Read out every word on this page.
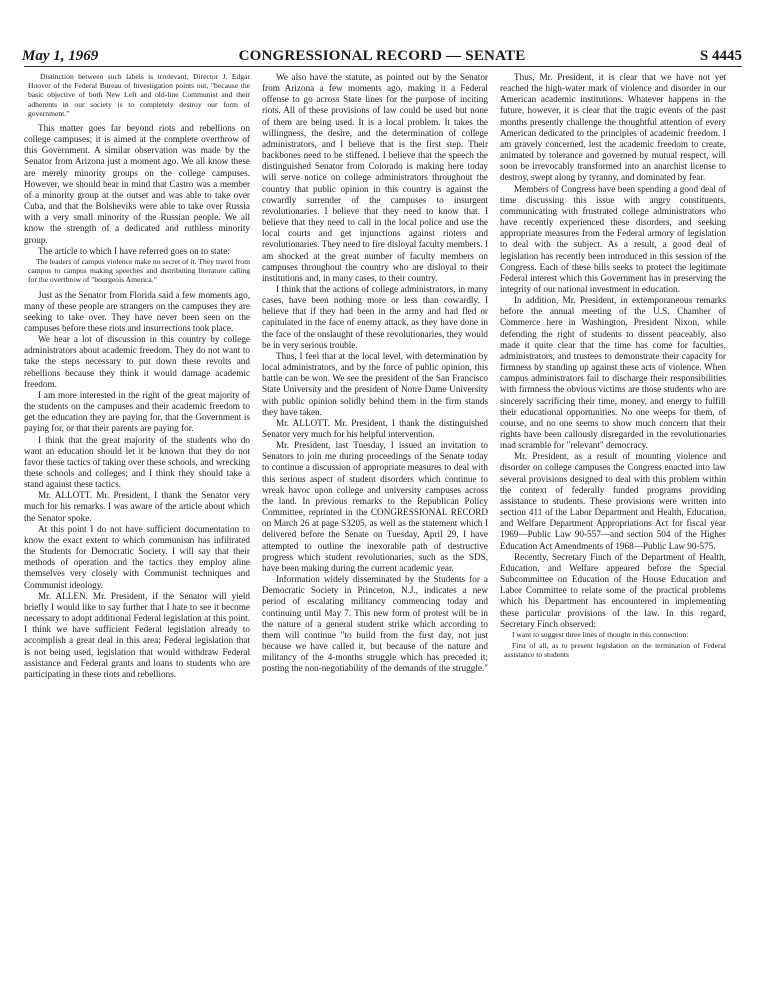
May 1, 1969	CONGRESSIONAL RECORD — SENATE	S 4445

Distinction between such labels is irrelevant, Director J. Edgar Hoover of the Federal Bureau of Investigation points out, "because the basic objective of both New Left and old-line Communist and their adherents in our society is to completely destroy our form of government."

This matter goes far beyond riots and rebellions on college campuses; it is aimed at the complete overthrow of this Government. A similar observation was made by the Senator from Arizona just a moment ago. We all know these are merely minority groups on the college campuses. However, we should bear in mind that Castro was a member of a minority group at the outset and was able to take over Cuba, and that the Bolsheviks were able to take over Russia with a very small minority of the Russian people. We all know the strength of a dedicated and ruthless minority group.

The article to which I have referred goes on to state:

The leaders of campus violence make no secret of it. They travel from campus to campus making speeches and distributing literature calling for the overthrow of "bourgeois America."

Just as the Senator from Florida said a few moments ago, many of these people are strangers on the campuses they are seeking to take over. They have never been seen on the campuses before these riots and insurrections took place.

We hear a lot of discussion in this country by college administrators about academic freedom. They do not want to take the steps necessary to put down these revolts and rebellions because they think it would damage academic freedom.

I am more interested in the right of the great majority of the students on the campuses and their academic freedom to get the education they are paying for, that the Government is paying for, or that their parents are paying for.

I think that the great majority of the students who do want an education should let it be known that they do not favor these tactics of taking over these schools, and wrecking these schools and colleges; and I think they should take a stand against these tactics.

Mr. ALLOTT. Mr. President, I thank the Senator very much for his remarks. I was aware of the article about which the Senator spoke.

At this point I do not have sufficient documentation to know the exact extent to which communism has infiltrated the Students for Democratic Society. I will say that their methods of operation and the tactics they employ aline themselves very closely with Communist techniques and Communist ideology.

Mr. ALLEN. Mr. President, if the Senator will yield briefly I would like to say further that I hate to see it become necessary to adopt additional Federal legislation at this point. I think we have sufficient Federal legislation already to accomplish a great deal in this area; Federal legislation that is not being used, legislation that would withdraw Federal assistance and Federal grants and loans to students who are participating in these riots and rebellions.

We also have the statute, as pointed out by the Senator from Arizona a few moments ago, making it a Federal offense to go across State lines for the purpose of inciting riots. All of these provisions of law could be used but none of them are being used. It is a local problem. It takes the willingness, the desire, and the determination of college administrators, and I believe that is the first step. Their backbones need to be stiffened. I believe that the speech the distinguished Senator from Colorado is making here today will serve notice on college administrators throughout the country that public opinion in this country is against the cowardly surrender of the campuses to insurgent revolutionaries. I believe that they need to know that. I believe that they need to call in the local police and use the local courts and get injunctions against rioters and revolutionaries. They need to fire disloyal faculty members. I am shocked at the great number of faculty members on campuses throughout the country who are disloyal to their institutions and, in many cases, to their country.

I think that the actions of college administrators, in many cases, have been nothing more or less than cowardly. I believe that if they had been in the army and had fled or capitulated in the face of enemy attack, as they have done in the face of the onslaught of these revolutionaries, they would be in very serious trouble.

Thus, I feel that at the local level, with determination by local administrators, and by the force of public opinion, this battle can be won. We see the president of the San Francisco State University and the president of Notre Dame University with public opinion solidly behind them in the firm stands they have taken.

Mr. ALLOTT. Mr. President, I thank the distinguished Senator very much for his helpful intervention.

Mr. President, last Tuesday, I issued an invitation to Senators to join me during proceedings of the Senate today to continue a discussion of appropriate measures to deal with this serious aspect of student disorders which continue to wreak havoc upon college and university campuses across the land. In previous remarks to the Republican Policy Committee, reprinted in the CONGRESSIONAL RECORD on March 26 at page S3205, as well as the statement which I delivered before the Senate on Tuesday, April 29, I have attempted to outline the inexorable path of destructive progress which student revolutionaries, such as the SDS, have been making during the current academic year.

Information widely disseminated by the Students for a Democratic Society in Princeton, N.J., indicates a new period of escalating militancy commencing today and continuing until May 7. This new form of protest will be in the nature of a general student strike which according to them will continue "to build from the first day, not just because we have called it, but because of the nature and militancy of the 4-months struggle which has preceded it; posting the non-negotiability of the demands of the struggle."

Thus, Mr. President, it is clear that we have not yet reached the high-water mark of violence and disorder in our American academic institutions. Whatever happens in the future, however, it is clear that the tragic events of the past months presently challenge the thoughtful attention of every American dedicated to the principles of academic freedom. I am gravely concerned, lest the academic freedom to create, animated by tolerance and governed by mutual respect, will soon be irrevocably transformed into an anarchist license to destroy, swept along by tyranny, and dominated by fear.

Members of Congress have been spending a good deal of time discussing this issue with angry constituents, communicating with frustrated college administrators who have recently experienced these disorders, and seeking appropriate measures from the Federal armory of legislation to deal with the subject. As a result, a good deal of legislation has recently been introduced in this session of the Congress. Each of these bills seeks to protect the legitimate Federal interest which this Government has in preserving the integrity of our national investment in education.

In addition, Mr. President, in extemporaneous remarks before the annual meeting of the U.S. Chamber of Commerce here in Washington, President Nixon, while defending the right of students to dissent peaceably, also made it quite clear that the time has come for faculties, administrators, and trustees to demonstrate their capacity for firmness by standing up against these acts of violence. When campus administrators fail to discharge their responsibilities with firmness the obvious victims are those students who are sincerely sacrificing their time, money, and energy to fulfill their educational opportunities. No one weeps for them, of course, and no one seems to show much concern that their rights have been callously disregarded in the revolutionaries mad scramble for "relevant" democracy.

Mr. President, as a result of mounting violence and disorder on college campuses the Congress enacted into law several provisions designed to deal with this problem within the context of federally funded programs providing assistance to students. These provisions were written into section 411 of the Labor Department and Health, Education, and Welfare Department Appropriations Act for fiscal year 1969—Public Law 90-557—and section 504 of the Higher Education Act Amendments of 1968—Public Law 90-575.

Recently, Secretary Finch of the Department of Health, Education, and Welfare appeared before the Special Subcommittee on Education of the House Education and Labor Committee to relate some of the practical problems which his Department has encountered in implementing these particular provisions of the law. In this regard, Secretary Finch observed:

I want to suggest three lines of thought in this connection:

First of all, as to present legislation on the termination of Federal assistance to students
